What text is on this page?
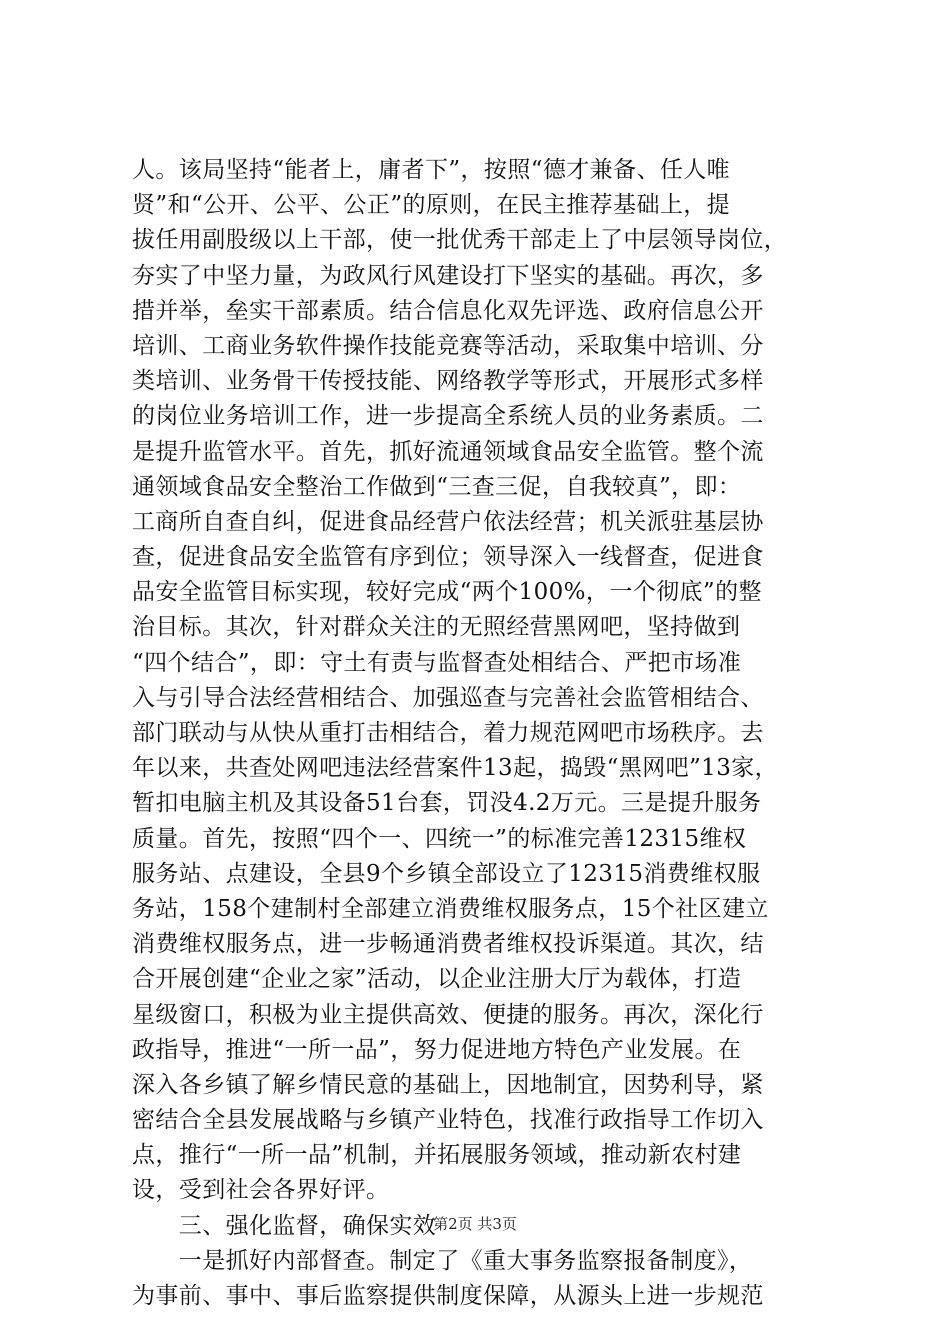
人。该局坚持“能者上，庸者下”，按照“德才兼备、任人唯
贤”和“公开、公平、公正”的原则，在民主推荐基础上，提
拔任用副股级以上干部，使一批优秀干部走上了中层领导岗位，
夯实了中坚力量，为政风行风建设打下坚实的基础。再次，多
措并举，垒实干部素质。结合信息化双先评选、政府信息公开
培训、工商业务软件操作技能竞赛等活动，采取集中培训、分
类培训、业务骨干传授技能、网络教学等形式，开展形式多样
的岗位业务培训工作，进一步提高全系统人员的业务素质。二
是提升监管水平。首先，抓好流通领域食品安全监管。整个流
通领域食品安全整治工作做到“三查三促，自我较真”，即：
工商所自查自纠，促进食品经营户依法经营；机关派驻基层协
查，促进食品安全监管有序到位；领导深入一线督查，促进食
品安全监管目标实现，较好完成“两个100%，一个彻底”的整
治目标。其次，针对群众关注的无照经营黑网吧，坚持做到
“四个结合”，即：守土有责与监督查处相结合、严把市场准
入与引导合法经营相结合、加强巡查与完善社会监管相结合、
部门联动与从快从重打击相结合，着力规范网吧市场秩序。去
年以来，共查处网吧违法经营案件13起，捣毁“黑网吧”13家，
暂扣电脑主机及其设备51台套，罚没4.2万元。三是提升服务
质量。首先，按照“四个一、四统一”的标准完善12315维权
服务站、点建设，全县9个乡镇全部设立了12315消费维权服
务站，158个建制村全部建立消费维权服务点，15个社区建立
消费维权服务点，进一步畅通消费者维权投诉渠道。其次，结
合开展创建“企业之家”活动，以企业注册大厅为载体，打造
星级窗口，积极为业主提供高效、便捷的服务。再次，深化行
政指导，推进“一所一品”，努力促进地方特色产业发展。在
深入各乡镇了解乡情民意的基础上，因地制宜，因势利导，紧
密结合全县发展战略与乡镇产业特色，找准行政指导工作切入
点，推行“一所一品”机制，并拓展服务领域，推动新农村建
设，受到社会各界好评。
　　三、强化监督，确保实效
　　一是抓好内部督查。制定了《重大事务监察报备制度》，
为事前、事中、事后监察提供制度保障，从源头上进一步规范
第2页 共3页
